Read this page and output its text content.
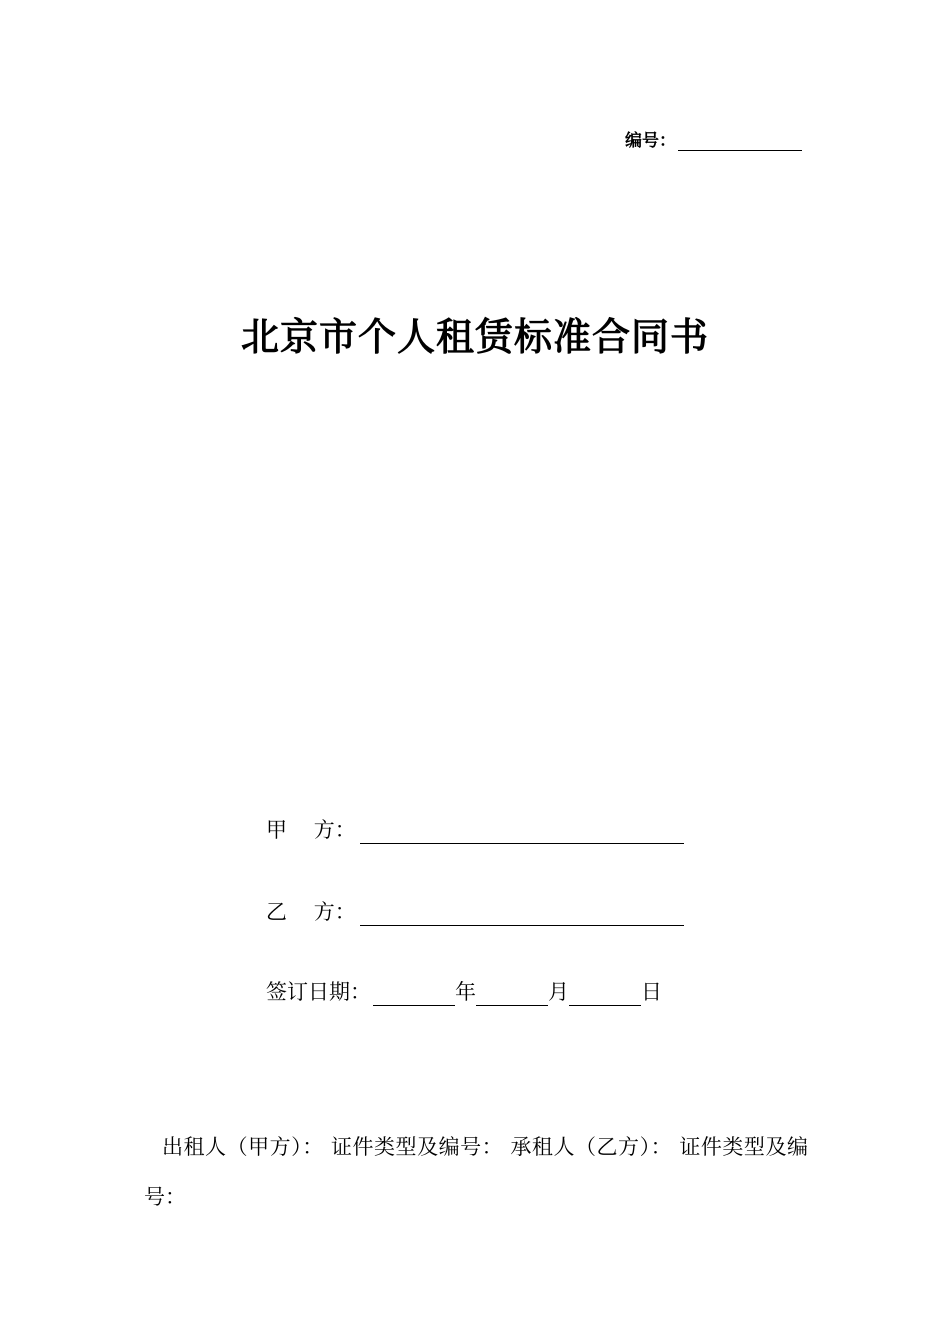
编号：
北京市个人租赁标准合同书
甲    方：
乙    方：
签订日期：	年	月	日
出租人（甲方）： 证件类型及编号： 承租人（乙方）： 证件类型及编号：
